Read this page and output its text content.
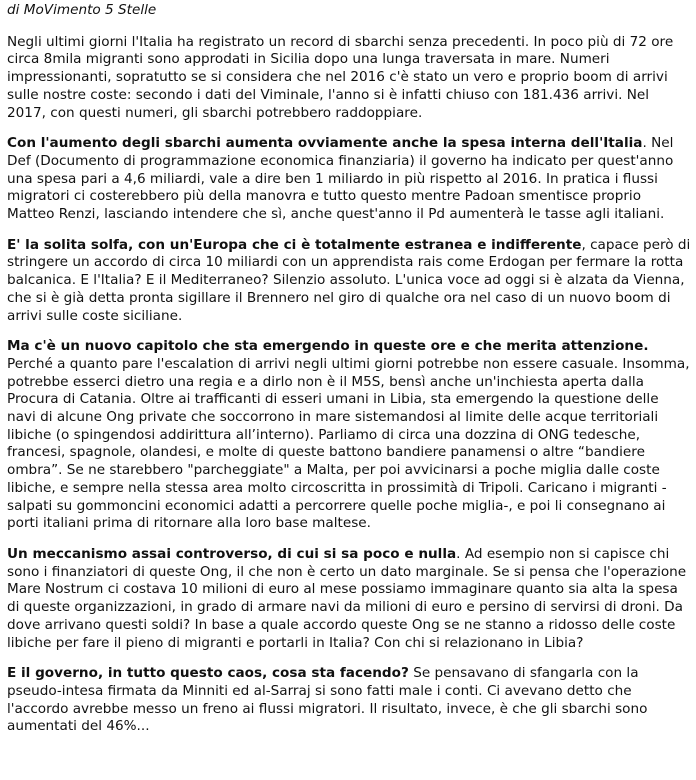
di MoVimento 5 Stelle

Negli ultimi giorni l'Italia ha registrato un record di sbarchi senza precedenti. In poco più di 72 ore circa 8mila migranti sono approdati in Sicilia dopo una lunga traversata in mare. Numeri impressionanti, sopratutto se si considera che nel 2016 c'è stato un vero e proprio boom di arrivi sulle nostre coste: secondo i dati del Viminale, l'anno si è infatti chiuso con 181.436 arrivi. Nel 2017, con questi numeri, gli sbarchi potrebbero raddoppiare.

Con l'aumento degli sbarchi aumenta ovviamente anche la spesa interna dell'Italia. Nel Def (Documento di programmazione economica finanziaria) il governo ha indicato per quest'anno una spesa pari a 4,6 miliardi, vale a dire ben 1 miliardo in più rispetto al 2016. In pratica i flussi migratori ci costerebbero più della manovra e tutto questo mentre Padoan smentisce proprio Matteo Renzi, lasciando intendere che sì, anche quest'anno il Pd aumenterà le tasse agli italiani.

E' la solita solfa, con un'Europa che ci è totalmente estranea e indifferente, capace però di stringere un accordo di circa 10 miliardi con un apprendista rais come Erdogan per fermare la rotta balcanica. E l'Italia? E il Mediterraneo? Silenzio assoluto. L'unica voce ad oggi si è alzata da Vienna, che si è già detta pronta sigillare il Brennero nel giro di qualche ora nel caso di un nuovo boom di arrivi sulle coste siciliane.

Ma c'è un nuovo capitolo che sta emergendo in queste ore e che merita attenzione. Perché a quanto pare l'escalation di arrivi negli ultimi giorni potrebbe non essere casuale. Insomma, potrebbe esserci dietro una regia e a dirlo non è il M5S, bensì anche un'inchiesta aperta dalla Procura di Catania. Oltre ai trafficanti di esseri umani in Libia, sta emergendo la questione delle navi di alcune Ong private che soccorrono in mare sistemandosi al limite delle acque territoriali libiche (o spingendosi addirittura all’interno). Parliamo di circa una dozzina di ONG tedesche, francesi, spagnole, olandesi, e molte di queste battono bandiere panamensi o altre “bandiere ombra”. Se ne starebbero "parcheggiate" a Malta, per poi avvicinarsi a poche miglia dalle coste libiche, e sempre nella stessa area molto circoscritta in prossimità di Tripoli. Caricano i migranti -salpati su gommoncini economici adatti a percorrere quelle poche miglia-, e poi li consegnano ai porti italiani prima di ritornare alla loro base maltese.

Un meccanismo assai controverso, di cui si sa poco e nulla. Ad esempio non si capisce chi sono i finanziatori di queste Ong, il che non è certo un dato marginale. Se si pensa che l'operazione Mare Nostrum ci costava 10 milioni di euro al mese possiamo immaginare quanto sia alta la spesa di queste organizzazioni, in grado di armare navi da milioni di euro e persino di servirsi di droni. Da dove arrivano questi soldi? In base a quale accordo queste Ong se ne stanno a ridosso delle coste libiche per fare il pieno di migranti e portarli in Italia? Con chi si relazionano in Libia?

E il governo, in tutto questo caos, cosa sta facendo? Se pensavano di sfangarla con la pseudo-intesa firmata da Minniti ed al-Sarraj si sono fatti male i conti. Ci avevano detto che l'accordo avrebbe messo un freno ai flussi migratori. Il risultato, invece, è che gli sbarchi sono aumentati del 46%...
